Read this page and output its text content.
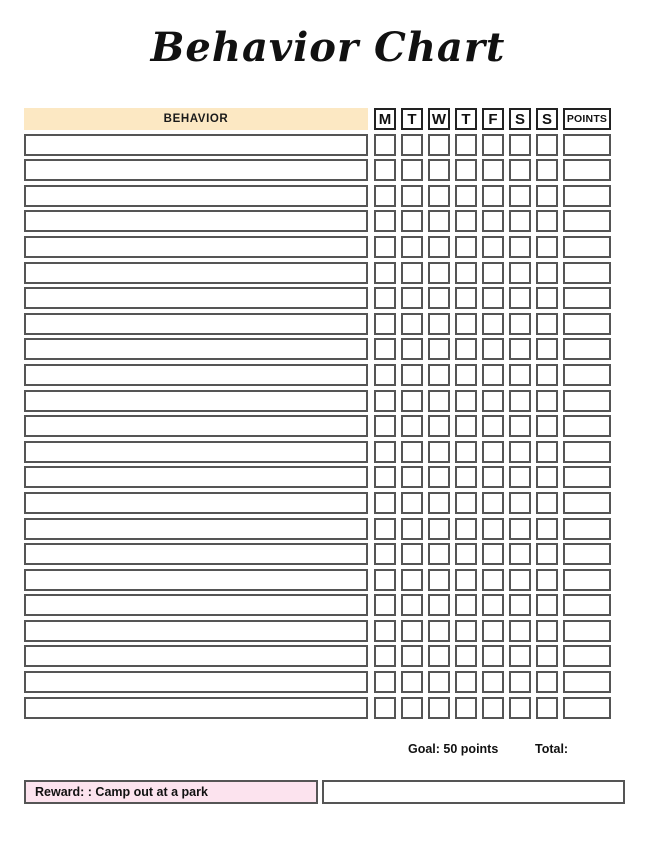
Behavior Chart
BEHAVIOR	M T W T F S S POINTS
Goal: 50 points	Total:
Reward: : Camp out at a park
